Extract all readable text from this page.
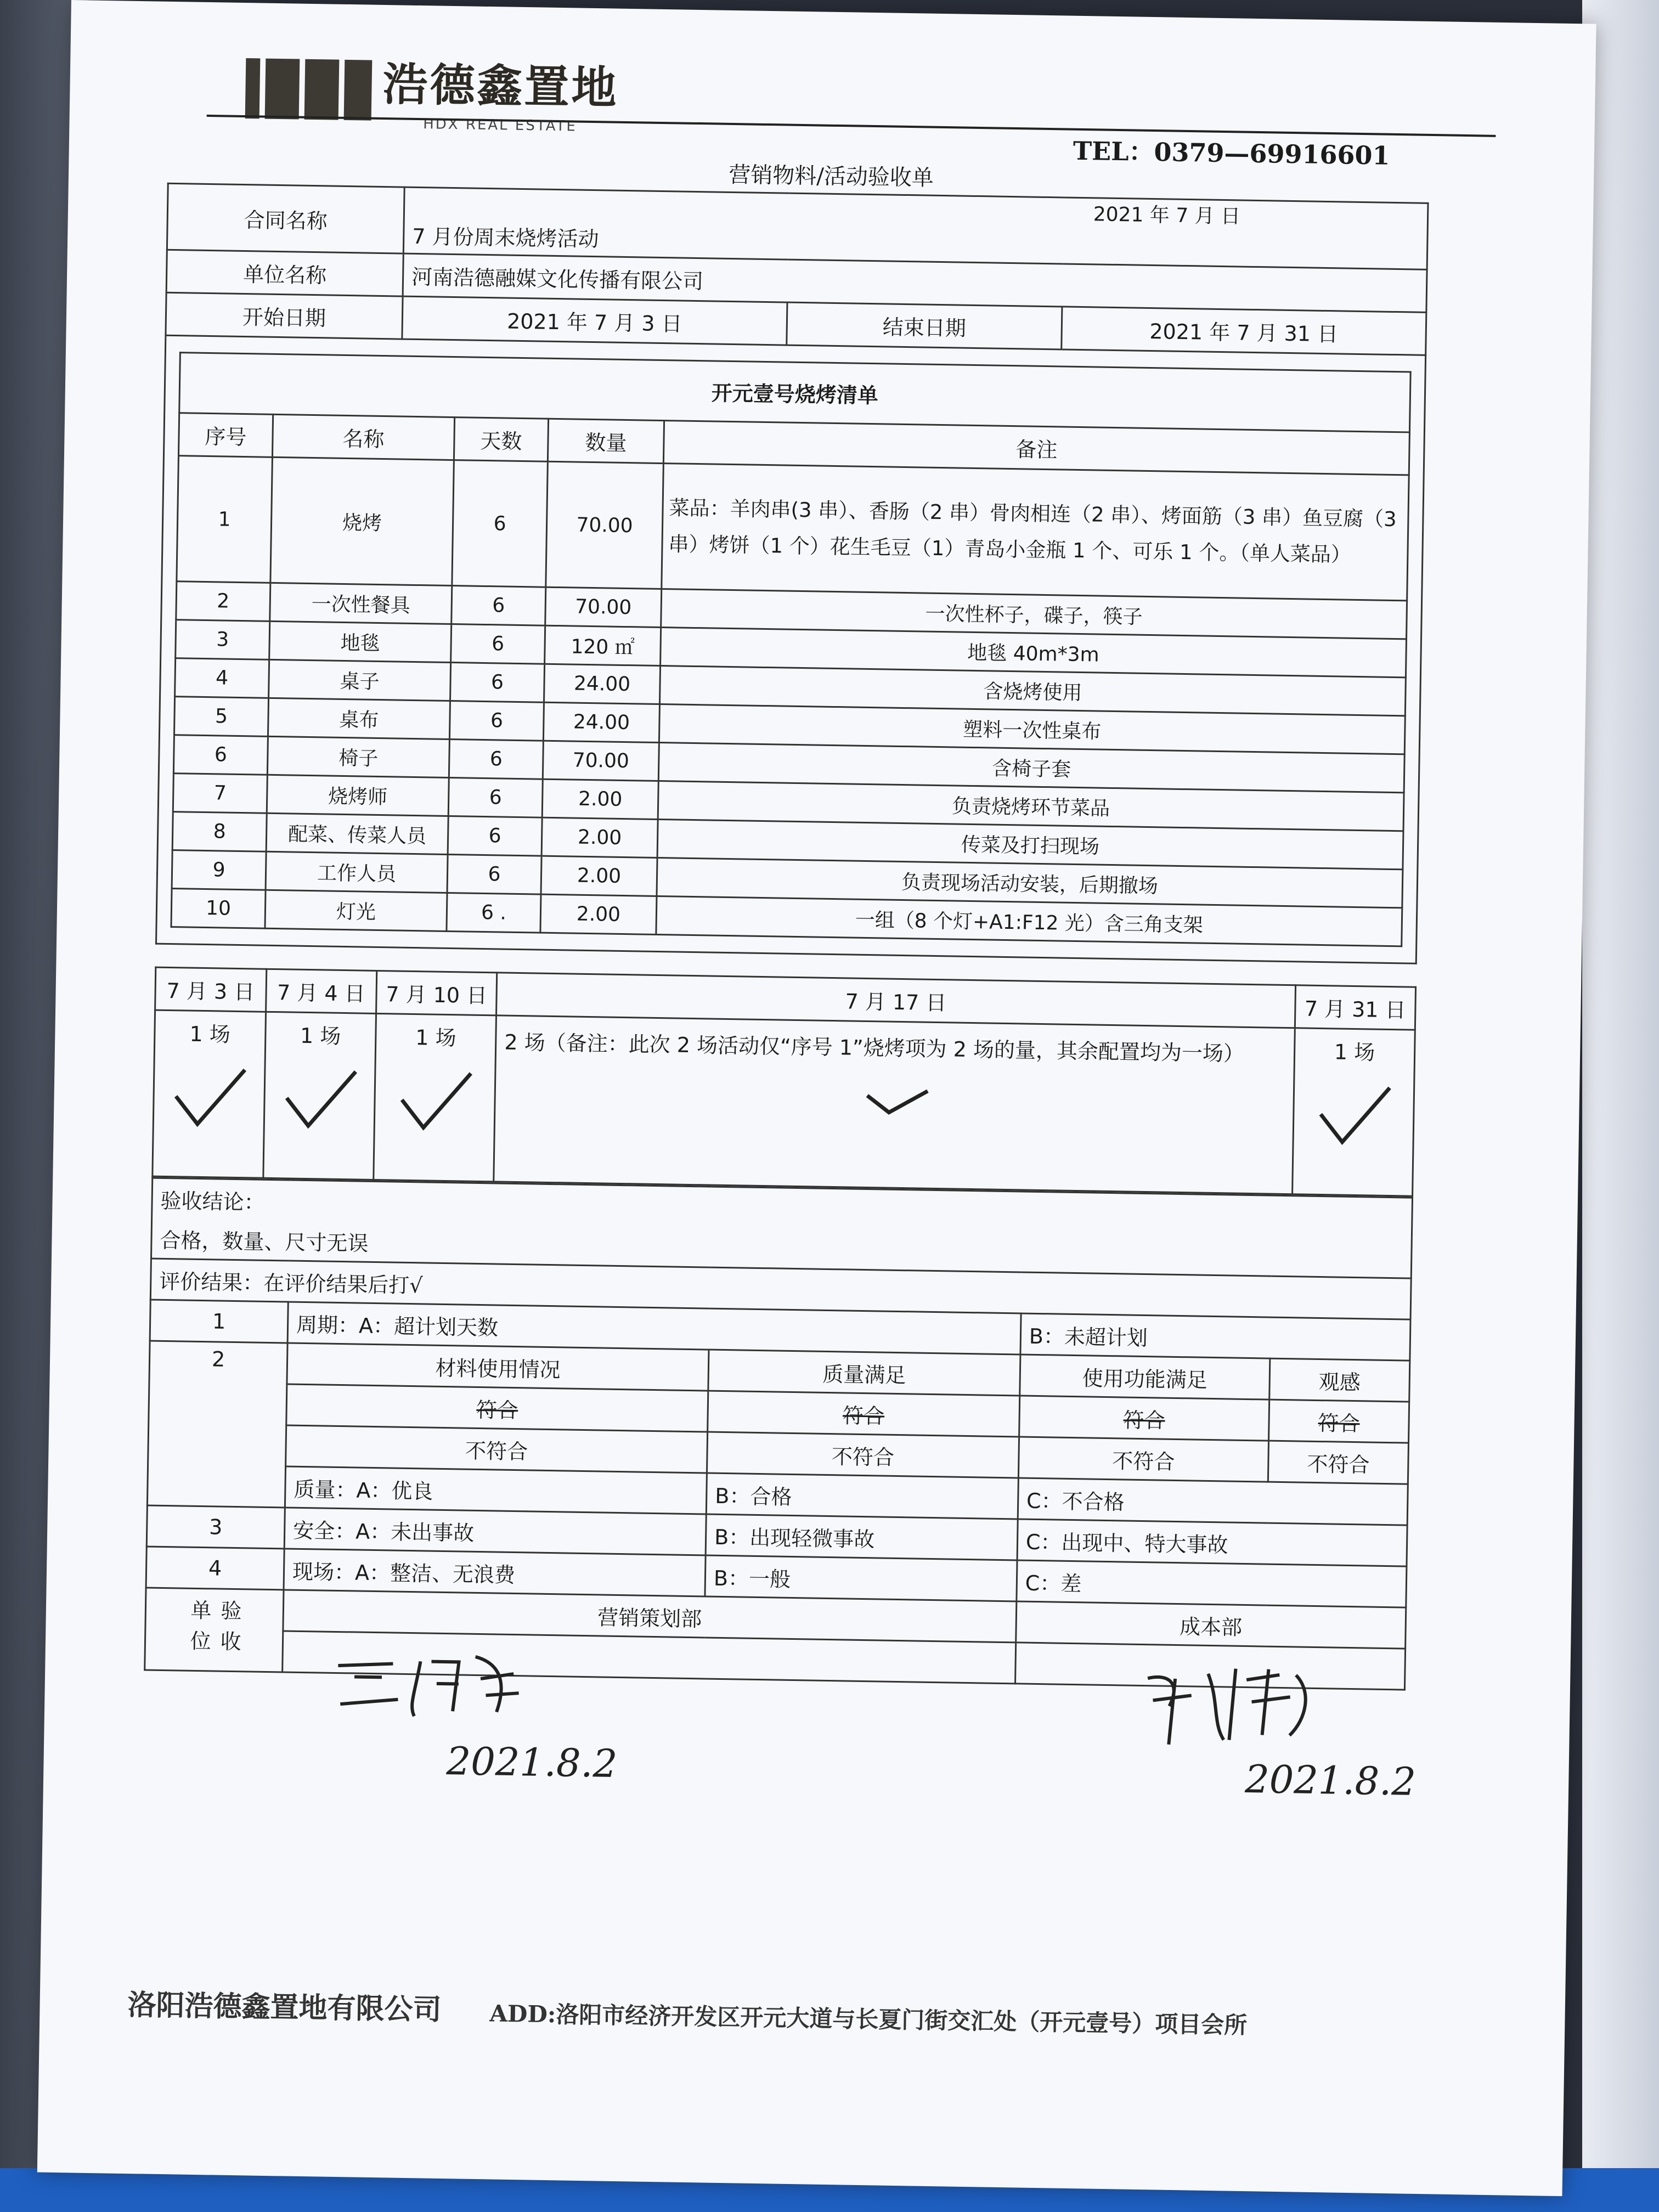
浩德鑫置地
HDX REAL ESTATE
TEL：0379—69916601
营销物料/活动验收单
合同名称	2021 年 7 月 日
7 月份周末烧烤活动		

单位名称	河南浩德融媒文化传播有限公司		
开始日期	2021 年 7 月 3 日	结束日期	2021 年 7 月 31 日
开元壹号烧烤清单
序号	名称	天数	数量	备注
1	烧烤	6	70.00	菜品：羊肉串(3 串）、香肠（2 串）骨肉相连（2 串）、烤面筋（3 串）鱼豆腐（3 串）烤饼（1 个）花生毛豆（1）青岛小金瓶 1 个、可乐 1 个。（单人菜品）
2	一次性餐具	6	70.00	一次性杯子，碟子，筷子
3	地毯	6	120 ㎡	地毯 40m*3m
4	桌子	6	24.00	含烧烤使用
5	桌布	6	24.00	塑料一次性桌布
6	椅子	6	70.00	含椅子套
7	烧烤师	6	2.00	负责烧烤环节菜品
8	配菜、传菜人员	6	2.00	传菜及打扫现场
9	工作人员	6	2.00	负责现场活动安装，后期撤场
10	灯光	6 .	2.00	一组（8 个灯+A1:F12 光）含三角支架
7 月 3 日	7 月 4 日	7 月 10 日	7 月 17 日	7 月 31 日

1 场	1 场	1 场	2 场（备注：此次 2 场活动仅“序号 1”烧烤项为 2 场的量，其余配置均为一场）	1 场
验收结论：				
合格，数量、尺寸无误				
评价结果：在评价结果后打√				
1	周期：A：超计划天数		B：未超计划	
2	材料使用情况	质量满足	使用功能满足	观感
	符合	符合	符合	符合
	不符合	不符合	不符合	不符合
	质量：A：优良	B：合格	C：不合格	
3	安全：A：未出事故	B：出现轻微事故	C：出现中、特大事故	
4	现场：A：整洁、无浪费	B：一般	C：差	
验收单位	营销策划部		成本部	

	2021.8.2		2021.8.2	
洛阳浩德鑫置地有限公司 ADD:洛阳市经济开发区开元大道与长夏门街交汇处（开元壹号）项目会所
